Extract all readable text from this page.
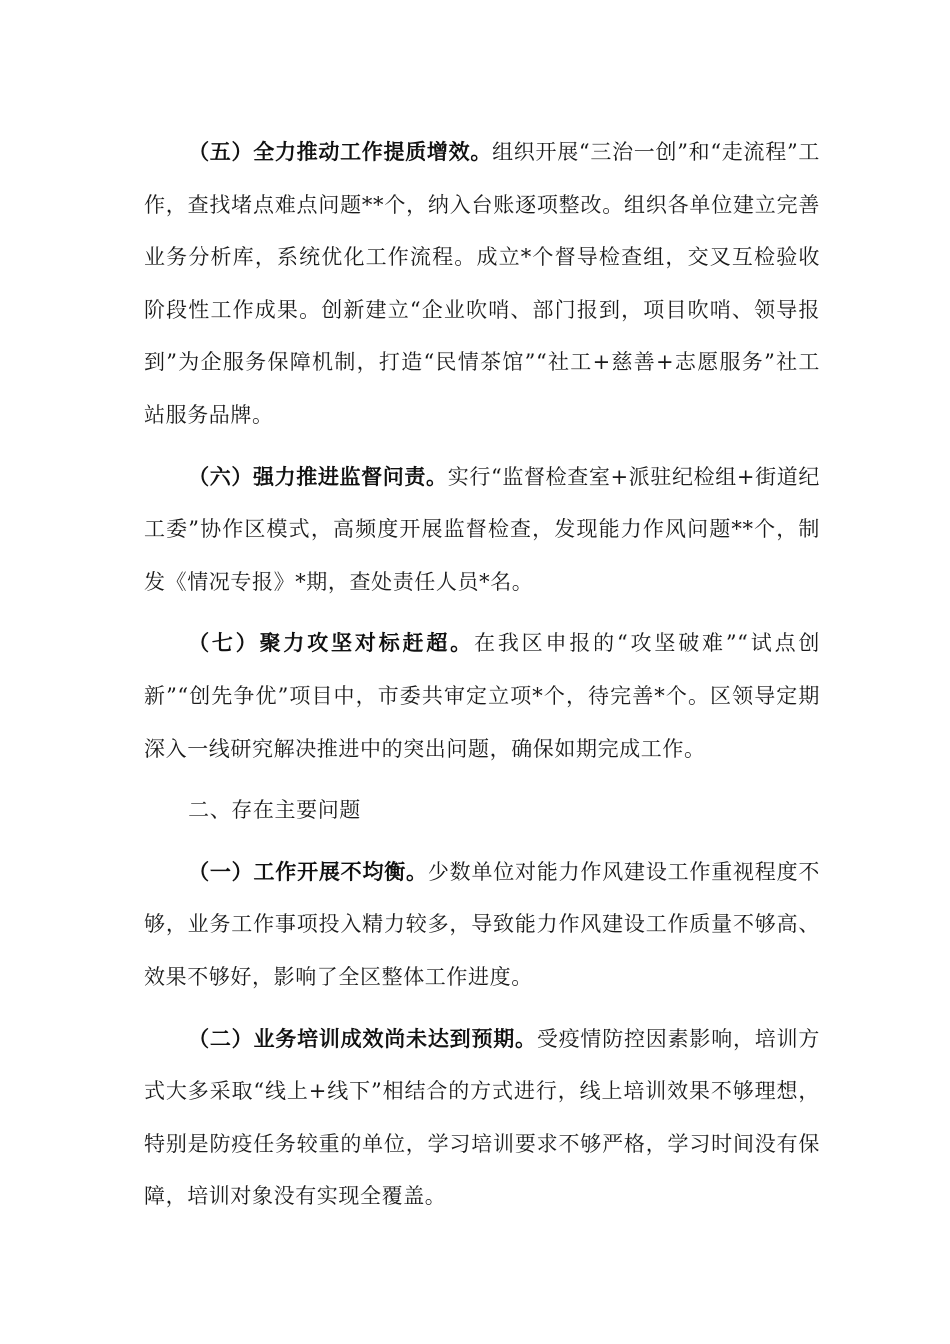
（五）全力推动工作提质增效。组织开展“三治一创”和“走流程”工作，查找堵点难点问题**个，纳入台账逐项整改。组织各单位建立完善业务分析库，系统优化工作流程。成立*个督导检查组，交叉互检验收阶段性工作成果。创新建立“企业吹哨、部门报到，项目吹哨、领导报到”为企服务保障机制，打造“民情茶馆”“社工+慈善+志愿服务”社工站服务品牌。

（六）强力推进监督问责。实行“监督检查室+派驻纪检组+街道纪工委”协作区模式，高频度开展监督检查，发现能力作风问题**个，制发《情况专报》*期，查处责任人员*名。

（七）聚力攻坚对标赶超。在我区申报的“攻坚破难”“试点创新”“创先争优”项目中，市委共审定立项*个，待完善*个。区领导定期深入一线研究解决推进中的突出问题，确保如期完成工作。

二、存在主要问题

（一）工作开展不均衡。少数单位对能力作风建设工作重视程度不够，业务工作事项投入精力较多，导致能力作风建设工作质量不够高、效果不够好，影响了全区整体工作进度。

（二）业务培训成效尚未达到预期。受疫情防控因素影响，培训方式大多采取“线上+线下”相结合的方式进行，线上培训效果不够理想，特别是防疫任务较重的单位，学习培训要求不够严格，学习时间没有保障，培训对象没有实现全覆盖。
